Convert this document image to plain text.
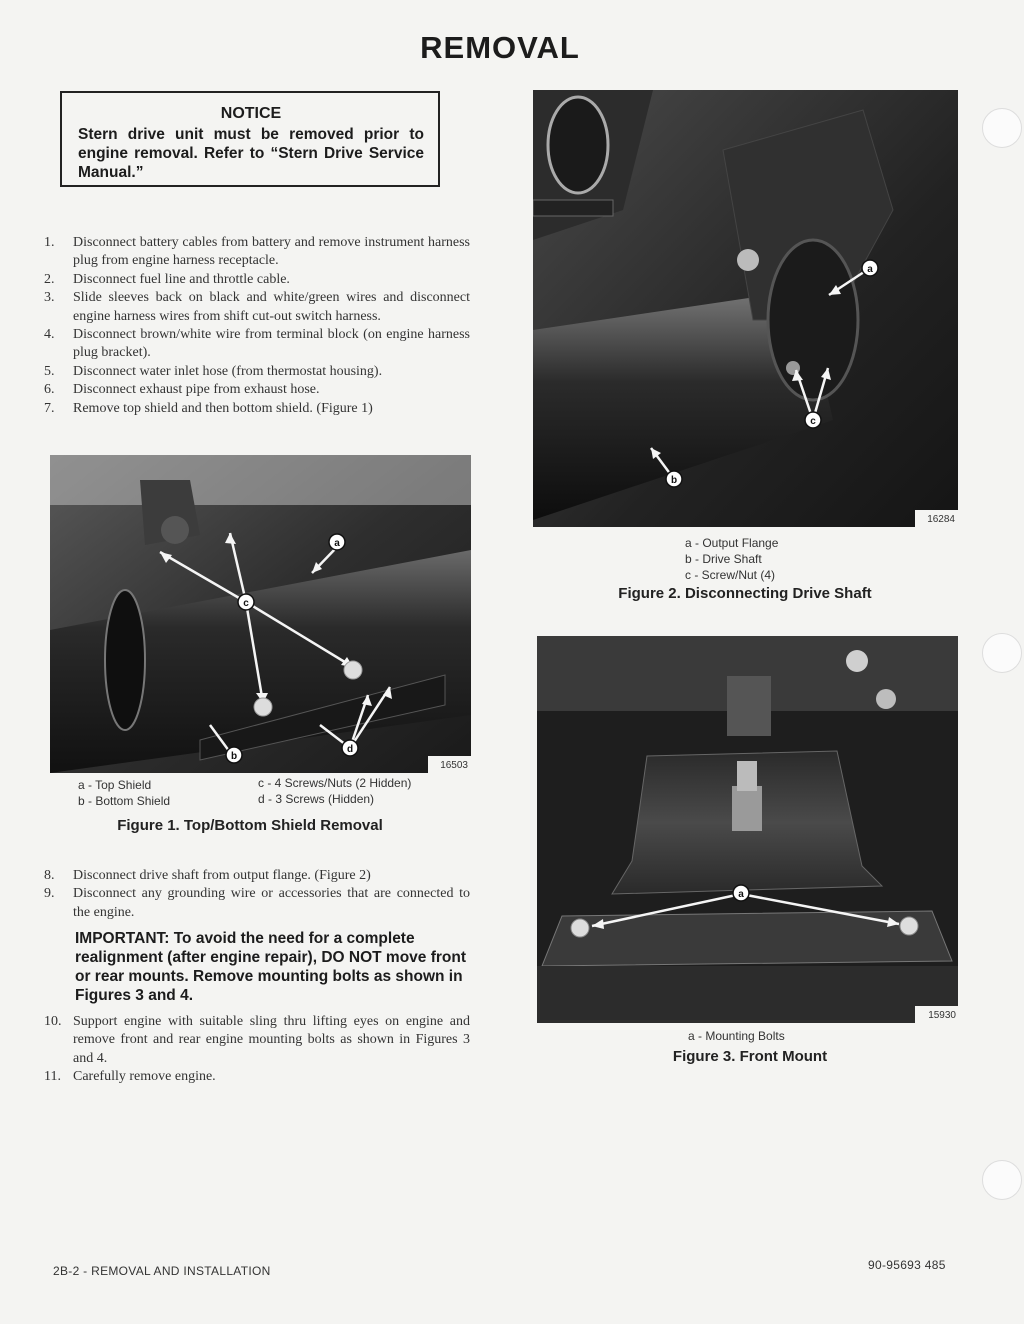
REMOVAL
NOTICE
Stern drive unit must be removed prior to engine removal. Refer to “Stern Drive Service Manual.”
1.	Disconnect battery cables from battery and remove instrument harness plug from engine harness receptacle.
2.	Disconnect fuel line and throttle cable.
3.	Slide sleeves back on black and white/green wires and disconnect engine harness wires from shift cut-out switch harness.
4.	Disconnect brown/white wire from terminal block (on engine harness plug bracket).
5.	Disconnect water inlet hose (from thermostat housing).
6.	Disconnect exhaust pipe from exhaust hose.
7.	Remove top shield and then bottom shield. (Figure 1)
c
a
b
d
16503
a - Top Shield
b - Bottom Shield
c - 4 Screws/Nuts (2 Hidden)
d - 3 Screws (Hidden)
Figure 1. Top/Bottom Shield Removal
8.	Disconnect drive shaft from output flange. (Figure 2)
9.	Disconnect any grounding wire or accessories that are connected to the engine.
IMPORTANT: To avoid the need for a complete realignment (after engine repair), DO NOT move front or rear mounts. Remove mounting bolts as shown in Figures 3 and 4.
10. Support engine with suitable sling thru lifting eyes on engine and remove front and rear engine mounting bolts as shown in Figures 3 and 4.
11. Carefully remove engine.
a
b
c
16284
a - Output Flange
b - Drive Shaft
c - Screw/Nut (4)
Figure 2. Disconnecting Drive Shaft
a
15930
a - Mounting Bolts
Figure 3. Front Mount
2B-2 - REMOVAL AND INSTALLATION	90-95693 485
